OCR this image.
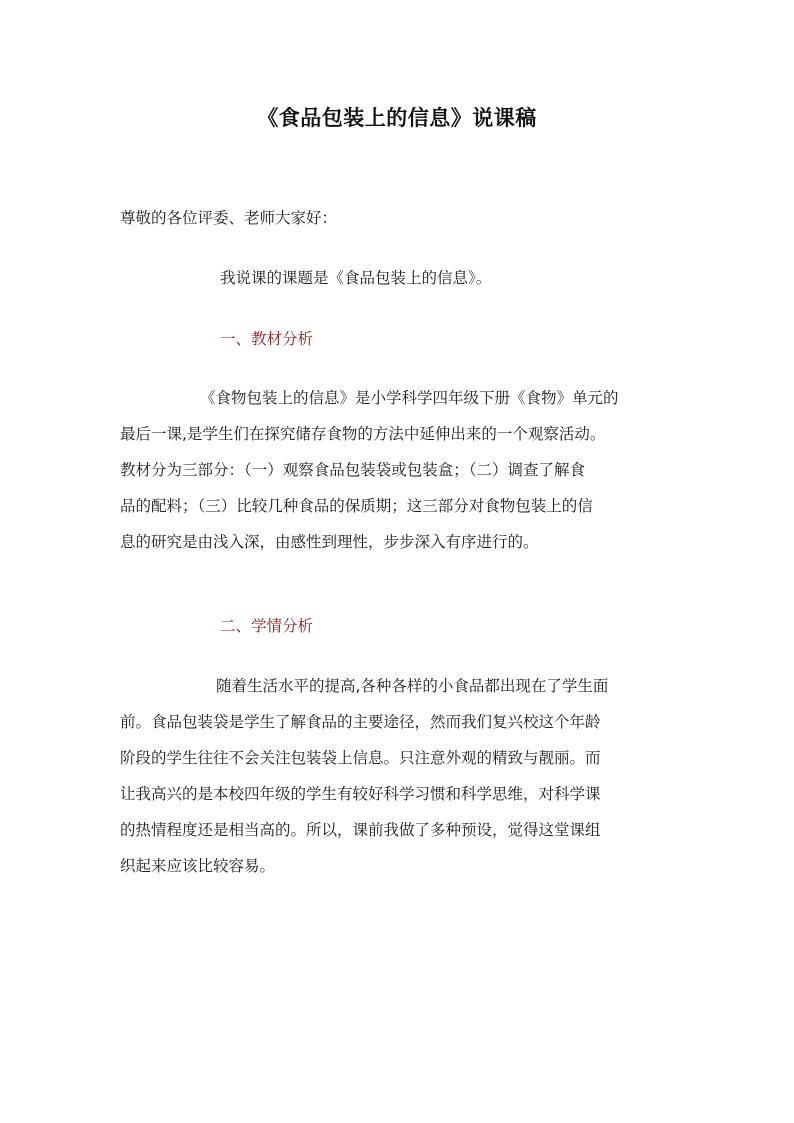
《食品包装上的信息》说课稿
尊敬的各位评委、老师大家好：
我说课的课题是《食品包装上的信息》。
一、教材分析
《食物包装上的信息》是小学科学四年级下册《食物》单元的
最后一课,是学生们在探究储存食物的方法中延伸出来的一个观察活动。
教材分为三部分：（一）观察食品包装袋或包装盒；（二）调查了解食
品的配料；（三）比较几种食品的保质期；这三部分对食物包装上的信
息的研究是由浅入深，由感性到理性，步步深入有序进行的。
二、学情分析
随着生活水平的提高,各种各样的小食品都出现在了学生面
前。食品包装袋是学生了解食品的主要途径，然而我们复兴校这个年龄
阶段的学生往往不会关注包装袋上信息。只注意外观的精致与靓丽。而
让我高兴的是本校四年级的学生有较好科学习惯和科学思维，对科学课
的热情程度还是相当高的。所以，课前我做了多种预设，觉得这堂课组
织起来应该比较容易。
